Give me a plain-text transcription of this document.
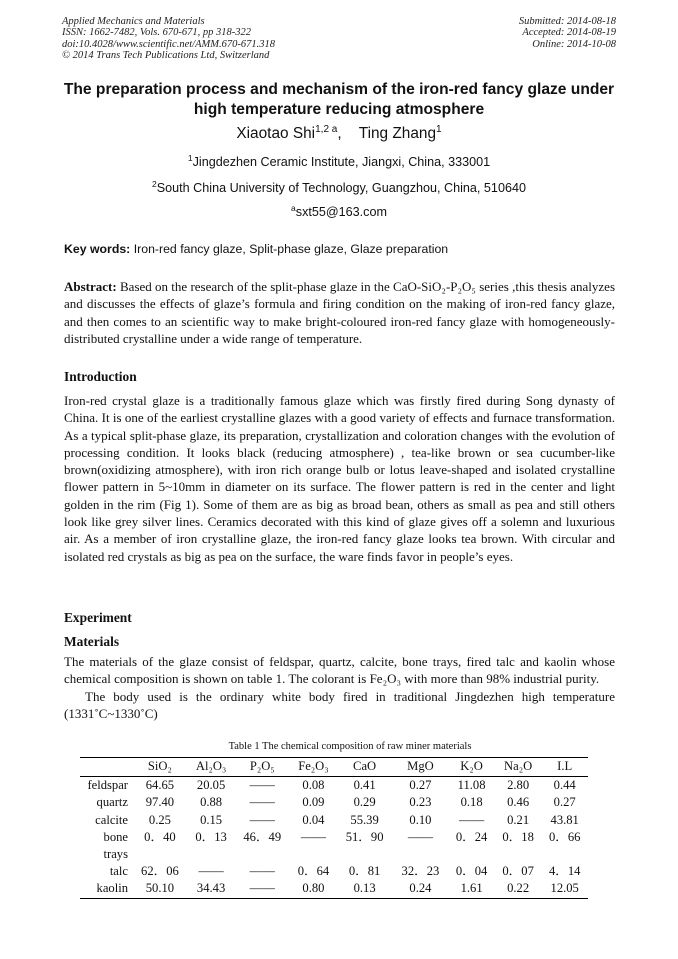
Applied Mechanics and Materials
ISSN: 1662-7482, Vols. 670-671, pp 318-322
doi:10.4028/www.scientific.net/AMM.670-671.318
© 2014 Trans Tech Publications Ltd, Switzerland
Submitted: 2014-08-18
Accepted: 2014-08-19
Online: 2014-10-08
The preparation process and mechanism of the iron-red fancy glaze under high temperature reducing atmosphere
Xiaotao Shi$^{1,2 a}$,    Ting Zhang$^1$
$^1$Jingdezhen Ceramic Institute, Jiangxi, China, 333001
$^2$South China University of Technology, Guangzhou, China, 510640
$^a$sxt55@163.com
Key words: Iron-red fancy glaze, Split-phase glaze, Glaze preparation

Abstract: Based on the research of the split-phase glaze in the CaO-SiO₂-P₂O₅ series ,this thesis analyzes and discusses the effects of glaze’s formula and firing condition on the making of iron-red fancy glaze, and then comes to an scientific way to make bright-coloured iron-red fancy glaze with homogeneously-distributed crystalline under a wide range of temperature.

Introduction

Iron-red crystal glaze is a traditionally famous glaze which was firstly fired during Song dynasty of China. It is one of the earliest crystalline glazes with a good variety of effects and furnace transformation. As a typical split-phase glaze, its preparation, crystallization and coloration changes with the evolution of processing condition. It looks black (reducing atmosphere) , tea-like brown or sea cucumber-like brown(oxidizing atmosphere), with iron rich orange bulb or lotus leave-shaped and isolated crystalline flower pattern in 5~10mm in diameter on its surface. The flower pattern is red in the center and light golden in the rim (Fig 1). Some of them are as big as broad bean, others as small as pea and still others look like grey silver lines. Ceramics decorated with this kind of glaze gives off a solemn and luxurious air. As a member of iron crystalline glaze, the iron-red fancy glaze looks tea brown. With circular and isolated red crystals as big as pea on the surface, the ware finds favor in people’s eyes.

Experiment
Materials

The materials of the glaze consist of feldspar, quartz, calcite, bone trays, fired talc and kaolin whose chemical composition is shown on table 1. The colorant is Fe₂O₃ with more than 98% industrial purity.

The body used is the ordinary white body fired in traditional Jingdezhen high temperature (1331˚C~1330˚C)

Table 1 The chemical composition of raw miner materials
	SiO₂	Al₂O₃	P₂O₅	Fe₂O₃	CaO	MgO	K₂O	Na₂O	I.L
feldspar	64.65	20.05	——	0.08	0.41	0.27	11.08	2.80	0.44
quartz	97.40	0.88	——	0.09	0.29	0.23	0.18	0.46	0.27
calcite	0.25	0.15	——	0.04	55.39	0.10	——	0.21	43.81
bone trays	0．40	0．13	46．49	——	51．90	——	0．24	0．18	0．66
talc	62．06	——	——	0．64	0．81	32．23	0．04	0．07	4．14
kaolin	50.10	34.43	——	0.80	0.13	0.24	1.61	0.22	12.05
